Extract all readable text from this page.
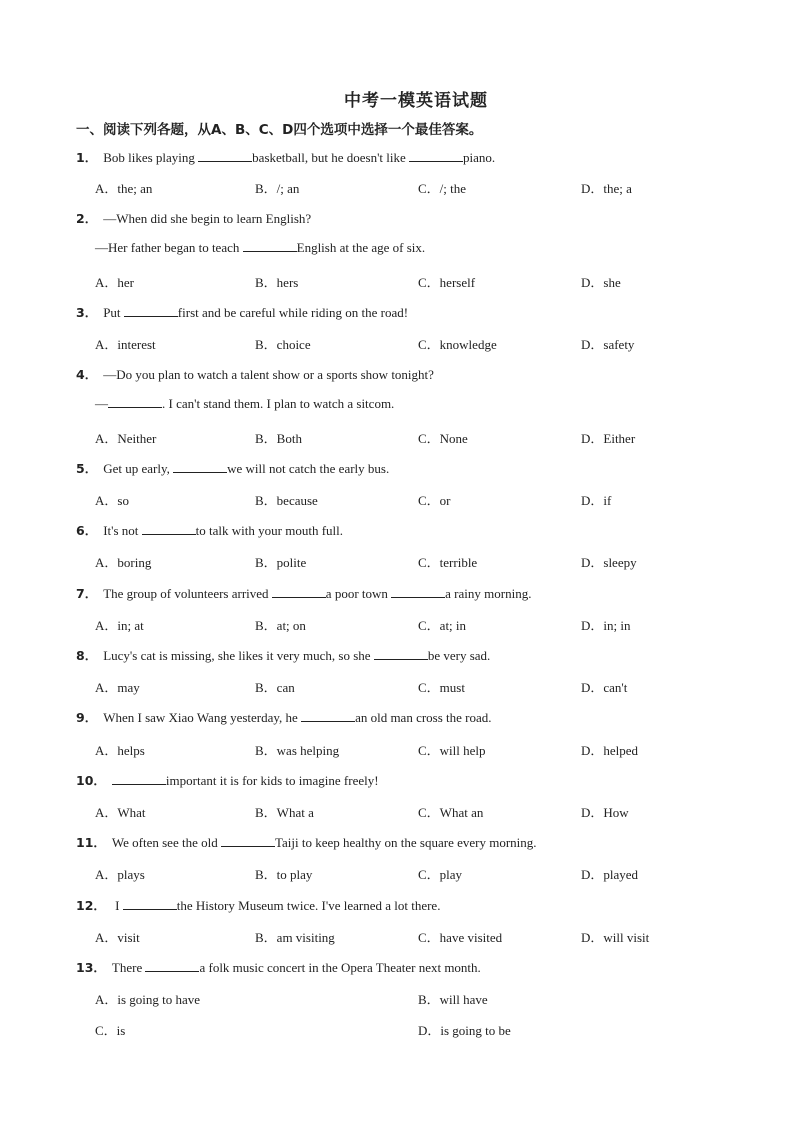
中考一模英语试题
一、阅读下列各题，从A、B、C、D四个选项中选择一个最佳答案。
1． Bob likes playing	basketball, but he doesn't like	piano.
A．the; an	B．/; an	C．/; the	D．the; a
2． —When did she begin to learn English?
—Her father began to teach	English at the age of six.
A．her	B．hers	C．herself	D．she
3． Put	first and be careful while riding on the road!
A．interest	B．choice	C．knowledge	D．safety
4． —Do you plan to watch a talent show or a sports show tonight?
—	. I can't stand them. I plan to watch a sitcom.
A．Neither	B．Both	C．None	D．Either
5． Get up early,	we will not catch the early bus.
A．so	B．because	C．or	D．if
6． It's not	to talk with your mouth full.
A．boring	B．polite	C．terrible	D．sleepy
7． The group of volunteers arrived	a poor town	a rainy morning.
A．in; at	B．at; on	C．at; in	D．in; in
8． Lucy's cat is missing, she likes it very much, so she	be very sad.
A．may	B．can	C．must	D．can't
9． When I saw Xiao Wang yesterday, he	an old man cross the road.
A．helps	B．was helping	C．will help	D．helped
10．	important it is for kids to imagine freely!
A．What	B．What a	C．What an	D．How
11． We often see the old	Taiji to keep healthy on the square every morning.
A．plays	B．to play	C．play	D．played
12． I	the History Museum twice. I've learned a lot there.
A．visit	B．am visiting	C．have visited	D．will visit
13． There	a folk music concert in the Opera Theater next month.
A．is going to have	B．will have
C．is	D．is going to be
